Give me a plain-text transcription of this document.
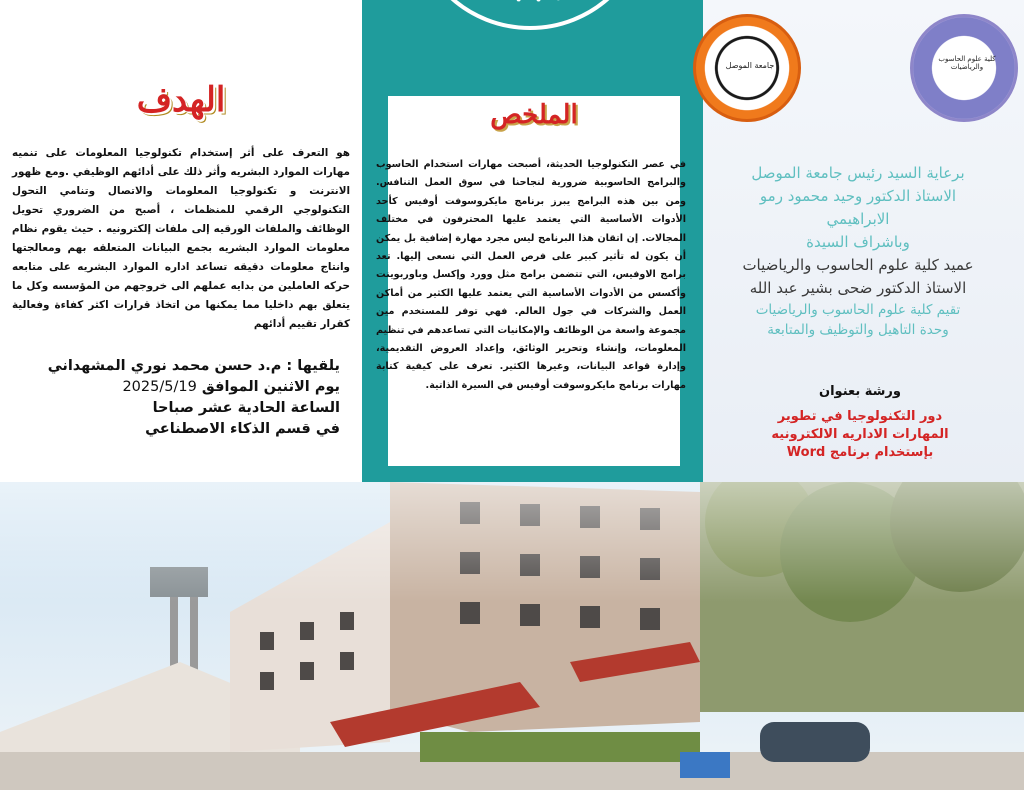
الهدف
هو التعرف على أثر إستخدام تكنولوجيا المعلومات على تنميه مهارات الموارد البشريه وأثر ذلك على أدائهم الوظيفي .ومع ظهور الانترنت و تكنولوجيا المعلومات والاتصال وتنامي التحول التكنولوجي الرقمي للمنظمات ، أصبح من الضروري تحويل الوظائف والملفات الورقيه إلى ملفات إلكترونيه . حيث يقوم نظام معلومات الموارد البشريه بجمع البيانات المتعلقه بهم ومعالجتها وانتاج معلومات دقيقه تساعد اداره الموارد البشريه على متابعه حركه العاملين من بدايه عملهم الى خروجهم من المؤسسه وكل ما يتعلق بهم داخليا مما يمكنها من اتخاذ قرارات اكثر كفاءة وفعالية كقرار تقييم أدائهم
يلقيها : م.د حسن محمد نوري المشهداني
يوم الاثنين الموافق 2025/5/19
الساعة الحادية عشر صباحا
في قسم الذكاء الاصطناعي
الملخص
في عصر التكنولوجيا الحديثة، أصبحت مهارات استخدام الحاسوب والبرامج الحاسوبية ضرورية لنجاحنا في سوق العمل التنافس. ومن بين هذه البرامج يبرز برنامج مايكروسوفت أوفيس كأحد الأدوات الأساسية التي يعتمد عليها المحترفون في مختلف المجالات. إن اتقان هذا البرنامج ليس مجرد مهارة إضافية بل يمكن أن يكون له تأثير كبير على فرص العمل التي نسعى إليها. تعد برامج الاوفيس، التي تتضمن برامج مثل وورد وإكسل وباوربوينت وأكسس من الأدوات الأساسية التي يعتمد عليها الكثير من أماكن العمل والشركات في جول العالم. فهي توفر للمستخدم مين مجموعة واسعة من الوظائف والإمكانيات التي تساعدهم في تنظيم المعلومات، وإنشاء وتحرير الوثائق، وإعداد العروض التقديمية، وإدارة قواعد البيانات، وغيرها الكثير. تعرف على كيفية كتابة مهارات برنامج مايكروسوفت أوفيس في السيرة الذاتية.
جامعة الموصل
كلية علوم الحاسوب والرياضيات
برعاية السيد رئيس جامعة الموصل
الاستاذ الدكتور وحيد محمود رمو
الابراهيمي
وباشراف السيدة
عميد كلية علوم الحاسوب والرياضيات
الاستاذ الدكتور ضحى بشير عبد الله
تقيم كلية علوم الحاسوب والرياضيات
وحدة التاهيل والتوظيف والمتابعة
ورشة بعنوان
دور التكنولوجيا في تطوير
المهارات الاداريه الالكترونيه
بإستخدام برنامج Word
